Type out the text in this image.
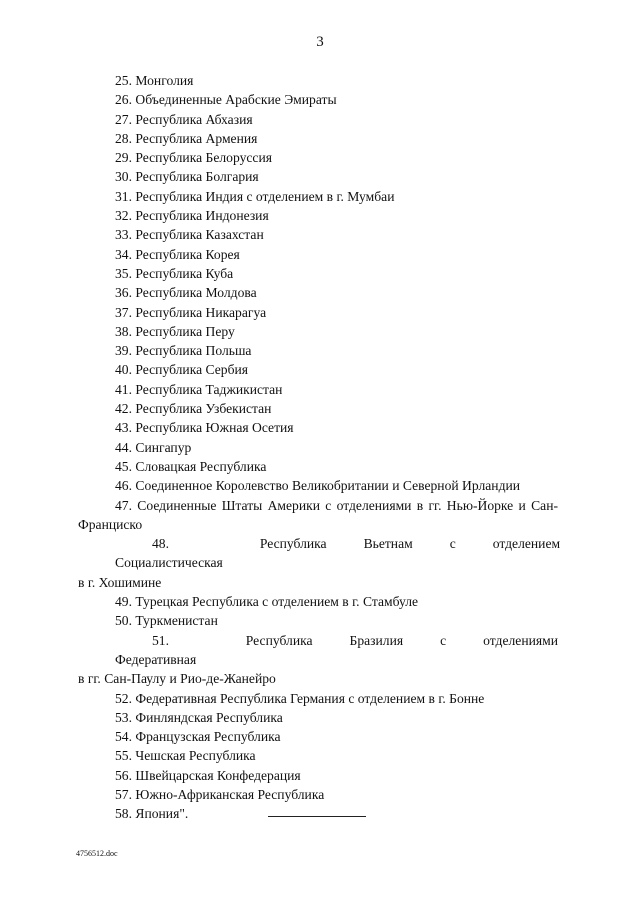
3
25. Монголия
26. Объединенные Арабские Эмираты
27. Республика Абхазия
28. Республика Армения
29. Республика Белоруссия
30. Республика Болгария
31. Республика Индия с отделением в г. Мумбаи
32. Республика Индонезия
33. Республика Казахстан
34. Республика Корея
35. Республика Куба
36. Республика Молдова
37. Республика Никарагуа
38. Республика Перу
39. Республика Польша
40. Республика Сербия
41. Республика Таджикистан
42. Республика Узбекистан
43. Республика Южная Осетия
44. Сингапур
45. Словацкая Республика
46. Соединенное Королевство Великобритании и Северной Ирландии
47. Соединенные Штаты Америки с отделениями в гг. Нью-Йорке и Сан-Франциско
48. Социалистическая
Республика	Вьетнам	с	отделением
в г. Хошимине
49. Турецкая Республика с отделением в г. Стамбуле
50. Туркменистан
51. Федеративная
Республика	Бразилия	с	отделениями
в гг. Сан-Паулу и Рио-де-Жанейро
52. Федеративная Республика Германия с отделением в г. Бонне
53. Финляндская Республика
54. Французская Республика
55. Чешская Республика
56. Швейцарская Конфедерация
57. Южно-Африканская Республика
58. Япония".
4756512.doc
